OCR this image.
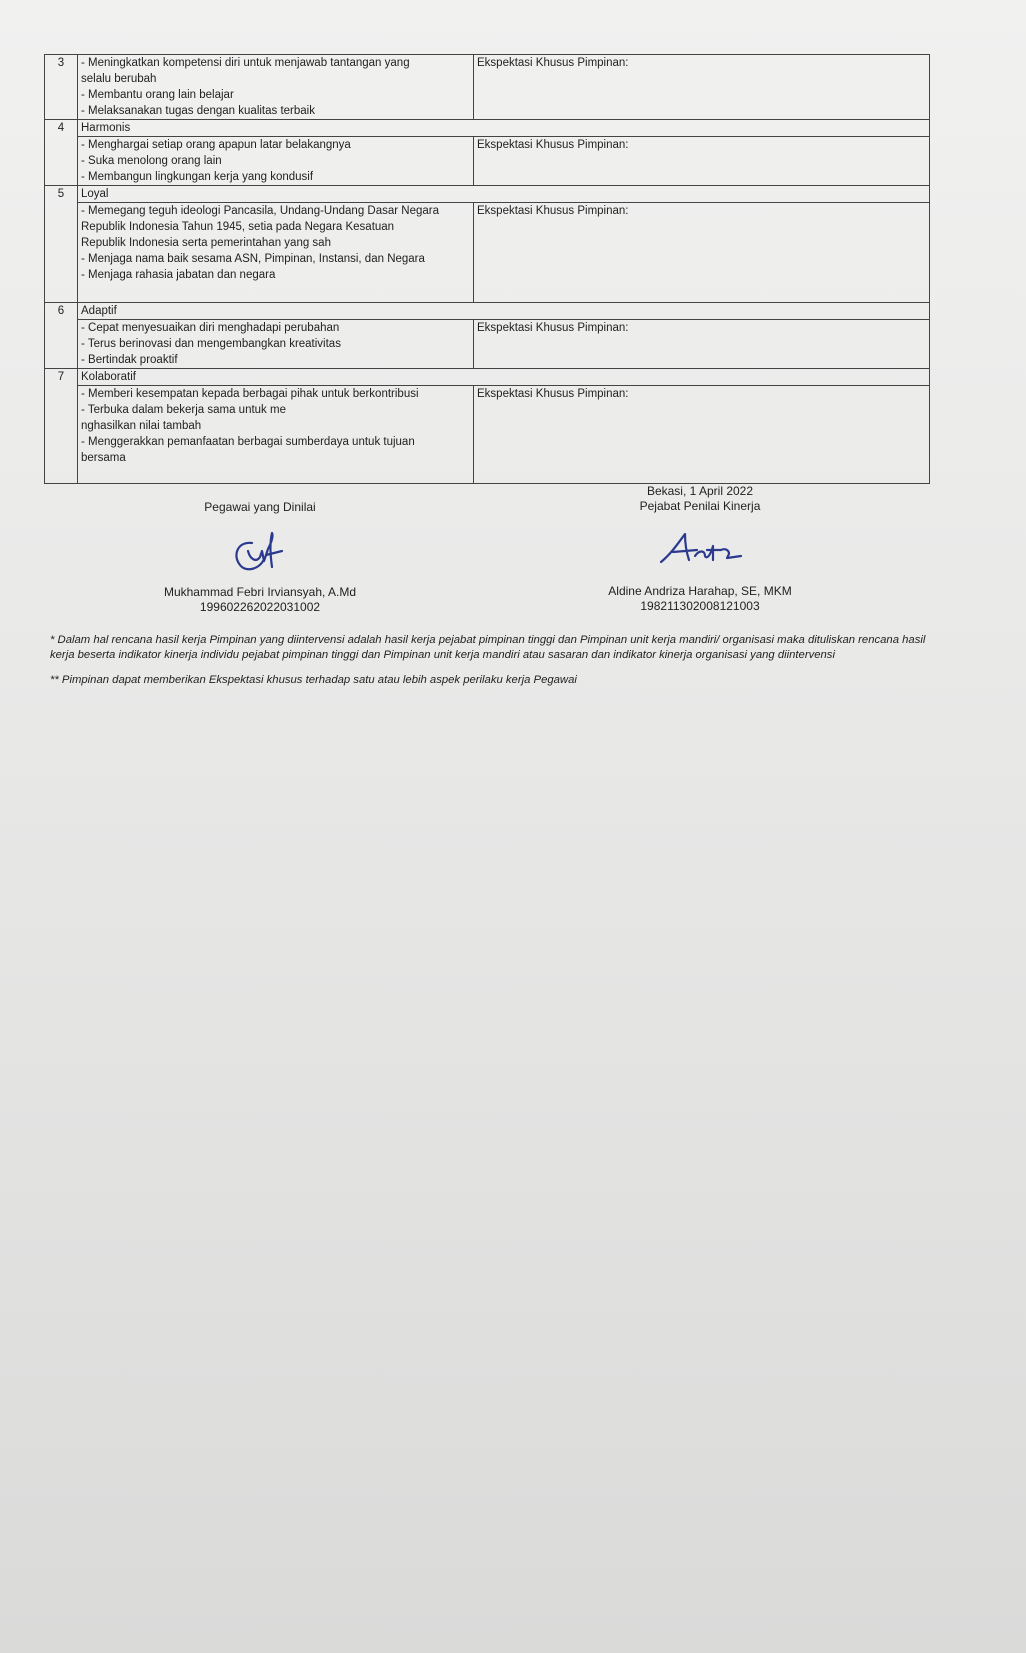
3	- Meningkatkan kompetensi diri untuk menjawab tantangan yang
selalu berubah
- Membantu orang lain belajar
- Melaksanakan tugas dengan kualitas terbaik	Ekspektasi Khusus Pimpinan:
4	Harmonis	

	- Menghargai setiap orang apapun latar belakangnya
- Suka menolong orang lain
- Membangun lingkungan kerja yang kondusif	Ekspektasi Khusus Pimpinan:
5	Loyal	

	- Memegang teguh ideologi Pancasila, Undang-Undang Dasar Negara
Republik Indonesia Tahun 1945, setia pada Negara Kesatuan
Republik Indonesia serta pemerintahan yang sah
- Menjaga nama baik sesama ASN, Pimpinan, Instansi, dan Negara
- Menjaga rahasia jabatan dan negara	Ekspektasi Khusus Pimpinan:
6	Adaptif	

	- Cepat menyesuaikan diri menghadapi perubahan
- Terus berinovasi dan mengembangkan kreativitas
- Bertindak proaktif	Ekspektasi Khusus Pimpinan:
7	Kolaboratif	

	- Memberi kesempatan kepada berbagai pihak untuk berkontribusi
- Terbuka dalam bekerja sama untuk me
nghasilkan nilai tambah
- Menggerakkan pemanfaatan berbagai sumberdaya untuk tujuan
bersama	Ekspektasi Khusus Pimpinan:
Pegawai yang Dinilai
Mukhammad Febri Irviansyah, A.Md
199602262022031002
Bekasi, 1 April 2022
Pejabat Penilai Kinerja
Aldine Andriza Harahap, SE, MKM
198211302008121003

* Dalam hal rencana hasil kerja Pimpinan yang diintervensi adalah hasil kerja pejabat pimpinan tinggi dan Pimpinan unit kerja mandiri/ organisasi maka dituliskan rencana hasil kerja beserta indikator kinerja individu pejabat pimpinan tinggi dan Pimpinan unit kerja mandiri atau sasaran dan indikator kinerja organisasi yang diintervensi

** Pimpinan dapat memberikan Ekspektasi khusus terhadap satu atau lebih aspek perilaku kerja Pegawai
